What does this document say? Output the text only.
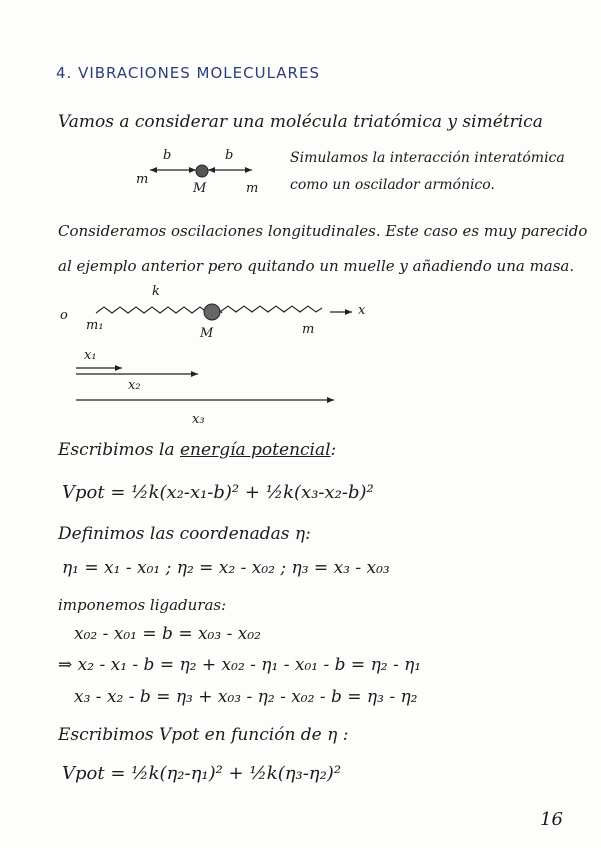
4. VIBRACIONES MOLECULARES
Vamos a considerar una molécula triatómica y simétrica
b	b
m
M	m
Simulamos la interacción interatómica
como un oscilador armónico.
Consideramos oscilaciones longitudinales. Este caso es muy parecido
al ejemplo anterior pero quitando un muelle y añadiendo una masa.
o
k
m₁
M	m
x
x₁
x₂
x₃
Escribimos la energía potencial:
Vpot = ½k(x₂-x₁-b)² + ½k(x₃-x₂-b)²
Definimos las coordenadas η:
η₁ = x₁ - x₀₁ ; η₂ = x₂ - x₀₂ ; η₃ = x₃ - x₀₃
imponemos ligaduras:
x₀₂ - x₀₁ = b = x₀₃ - x₀₂
⇒ x₂ - x₁ - b = η₂ + x₀₂ - η₁ - x₀₁ - b = η₂ - η₁
x₃ - x₂ - b = η₃ + x₀₃ - η₂ - x₀₂ - b = η₃ - η₂
Escribimos Vpot en función de η :
Vpot = ½k(η₂-η₁)² + ½k(η₃-η₂)²
16
